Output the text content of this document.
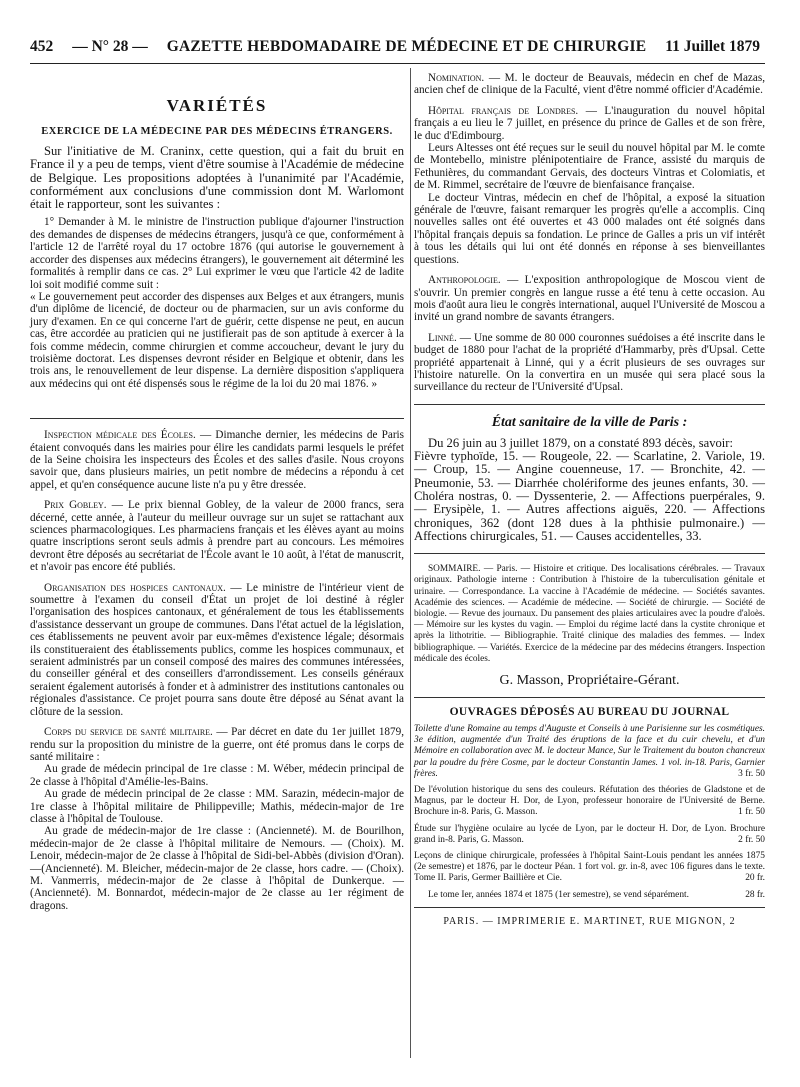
452 — N° 28 — GAZETTE HEBDOMADAIRE DE MÉDECINE ET DE CHIRURGIE 11 Juillet 1879
VARIÉTÉS
EXERCICE DE LA MÉDECINE PAR DES MÉDECINS ÉTRANGERS.

Sur l'initiative de M. Craninx, cette question, qui a fait du bruit en France il y a peu de temps, vient d'être soumise à l'Académie de médecine de Belgique. Les propositions adoptées à l'unanimité par l'Académie, conformément aux conclusions d'une commission dont M. Warlomont était le rapporteur, sont les suivantes :

1° Demander à M. le ministre de l'instruction publique d'ajourner l'instruction des demandes de dispenses de médecins étrangers, jusqu'à ce que, conformément à l'article 12 de l'arrêté royal du 17 octobre 1876 (qui autorise le gouvernement à accorder des dispenses aux médecins étrangers), le gouvernement ait déterminé les formalités à remplir dans ce cas. 2° Lui exprimer le vœu que l'article 42 de ladite loi soit modifié comme suit :

« Le gouvernement peut accorder des dispenses aux Belges et aux étrangers, munis d'un diplôme de licencié, de docteur ou de pharmacien, sur un avis conforme du jury d'examen. En ce qui concerne l'art de guérir, cette dispense ne peut, en aucun cas, être accordée au praticien qui ne justifierait pas de son aptitude à exercer à la fois comme médecin, comme chirurgien et comme accoucheur, devant le jury du troisième doctorat. Les dispenses devront résider en Belgique et obtenir, dans les trois ans, le renouvellement de leur dispense. La dernière disposition s'appliquera aux médecins qui ont été dispensés sous le régime de la loi du 20 mai 1876. »

Inspection médicale des Écoles. — Dimanche dernier, les médecins de Paris étaient convoqués dans les mairies pour élire les candidats parmi lesquels le préfet de la Seine choisira les inspecteurs des Écoles et des salles d'asile. Nous croyons savoir que, dans plusieurs mairies, un petit nombre de médecins a répondu à cet appel, et qu'en conséquence aucune liste n'a pu y être dressée.

Prix Gobley. — Le prix biennal Gobley, de la valeur de 2000 francs, sera décerné, cette année, à l'auteur du meilleur ouvrage sur un sujet se rattachant aux sciences pharmacologiques. Les pharmaciens français et les élèves ayant au moins quatre inscriptions seront seuls admis à prendre part au concours. Les mémoires devront être déposés au secrétariat de l'École avant le 10 août, à l'état de manuscrit, et n'avoir pas encore été publiés.

Organisation des hospices cantonaux. — Le ministre de l'intérieur vient de soumettre à l'examen du conseil d'État un projet de loi destiné à régler l'organisation des hospices cantonaux, et généralement de tous les établissements d'assistance desservant un groupe de communes. Dans l'état actuel de la législation, ces établissements ne peuvent avoir par eux-mêmes d'existence légale; désormais ils constitueraient des établissements publics, comme les hospices communaux, et seraient administrés par un conseil composé des maires des communes intéressées, du conseiller général et des conseillers d'arrondissement. Les conseils généraux seraient également autorisés à fonder et à administrer des institutions cantonales ou régionales d'assistance. Ce projet pourra sans doute être déposé au Sénat avant la clôture de la session.

Corps du service de santé militaire. — Par décret en date du 1er juillet 1879, rendu sur la proposition du ministre de la guerre, ont été promus dans le corps de santé militaire :

Au grade de médecin principal de 1re classe : M. Wéber, médecin principal de 2e classe à l'hôpital d'Amélie-les-Bains.

Au grade de médecin principal de 2e classe : MM. Sarazin, médecin-major de 1re classe à l'hôpital militaire de Philippeville; Mathis, médecin-major de 1re classe à l'hôpital de Toulouse.

Au grade de médecin-major de 1re classe : (Ancienneté). M. de Bourilhon, médecin-major de 2e classe à l'hôpital militaire de Nemours. — (Choix). M. Lenoir, médecin-major de 2e classe à l'hôpital de Sidi-bel-Abbès (division d'Oran).—(Ancienneté). M. Bleicher, médecin-major de 2e classe, hors cadre. — (Choix). M. Vanmerris, médecin-major de 2e classe à l'hôpital de Dunkerque. — (Ancienneté). M. Bonnardot, médecin-major de 2e classe au 1er régiment de dragons.

Nomination. — M. le docteur de Beauvais, médecin en chef de Mazas, ancien chef de clinique de la Faculté, vient d'être nommé officier d'Académie.

Hôpital français de Londres. — L'inauguration du nouvel hôpital français a eu lieu le 7 juillet, en présence du prince de Galles et de son frère, le duc d'Edimbourg.

Leurs Altesses ont été reçues sur le seuil du nouvel hôpital par M. le comte de Montebello, ministre plénipotentiaire de France, assisté du marquis de Fethunières, du commandant Gervais, des docteurs Vintras et Colomiatis, et de M. Rimmel, secrétaire de l'œuvre de bienfaisance française.

Le docteur Vintras, médecin en chef de l'hôpital, a exposé la situation générale de l'œuvre, faisant remarquer les progrès qu'elle a accomplis. Cinq nouvelles salles ont été ouvertes et 43 000 malades ont été soignés dans l'hôpital français depuis sa fondation. Le prince de Galles a pris un vif intérêt à tous les détails qui lui ont été donnés en réponse à ses bienveillantes questions.

Anthropologie. — L'exposition anthropologique de Moscou vient de s'ouvrir. Un premier congrès en langue russe a été tenu à cette occasion. Au mois d'août aura lieu le congrès international, auquel l'Université de Moscou a invité un grand nombre de savants étrangers.

Linné. — Une somme de 80 000 couronnes suédoises a été inscrite dans le budget de 1880 pour l'achat de la propriété d'Hammarby, près d'Upsal. Cette propriété appartenait à Linné, qui y a écrit plusieurs de ses ouvrages sur l'histoire naturelle. On la convertira en un musée qui sera placé sous la surveillance du recteur de l'Université d'Upsal.

État sanitaire de la ville de Paris :

Du 26 juin au 3 juillet 1879, on a constaté 893 décès, savoir:

Fièvre typhoïde, 15. — Rougeole, 22. — Scarlatine, 2. Variole, 19. — Croup, 15. — Angine couenneuse, 17. — Bronchite, 42. — Pneumonie, 53. — Diarrhée cholériforme des jeunes enfants, 30. — Choléra nostras, 0. — Dyssenterie, 2. — Affections puerpérales, 9. — Erysipèle, 1. — Autres affections aiguës, 220. — Affections chroniques, 362 (dont 128 dues à la phthisie pulmonaire.) — Affections chirurgicales, 51. — Causes accidentelles, 33.

SOMMAIRE. — Paris. — Histoire et critique. Des localisations cérébrales. — Travaux originaux. Pathologie interne : Contribution à l'histoire de la tuberculisation génitale et urinaire. — Correspondance. La vaccine à l'Académie de médecine. — Sociétés savantes. Académie des sciences. — Académie de médecine. — Société de chirurgie. — Société de biologie. — Revue des journaux. Du pansement des plaies articulaires avec la poudre d'aloès. — Mémoire sur les kystes du vagin. — Emploi du régime lacté dans la cystite chronique et après la lithotritie. — Bibliographie. Traité clinique des maladies des femmes. — Index bibliographique. — Variétés. Exercice de la médecine par des médecins étrangers. Inspection médicale des écoles.

G. Masson, Propriétaire-Gérant.
OUVRAGES DÉPOSÉS AU BUREAU DU JOURNAL

Toilette d'une Romaine au temps d'Auguste et Conseils à une Parisienne sur les cosmétiques. 3e édition, augmentée d'un Traité des éruptions de la face et du cuir chevelu, et d'un Mémoire en collaboration avec M. le docteur Mance, Sur le Traitement du bouton chancreux par la poudre du frère Cosme, par le docteur Constantin James. 1 vol. in-18. Paris, Garnier frères.	3 fr. 50

De l'évolution historique du sens des couleurs. Réfutation des théories de Gladstone et de Magnus, par le docteur H. Dor, de Lyon, professeur honoraire de l'Université de Berne. Brochure in-8. Paris, G. Masson.	1 fr. 50

Étude sur l'hygiène oculaire au lycée de Lyon, par le docteur H. Dor, de Lyon. Brochure grand in-8. Paris, G. Masson.	2 fr. 50

Leçons de clinique chirurgicale, professées à l'hôpital Saint-Louis pendant les années 1875 (2e semestre) et 1876, par le docteur Péan. 1 fort vol. gr. in-8, avec 106 figures dans le texte. Tome II. Paris, Germer Baillière et Cie.	20 fr.

Le tome Ier, années 1874 et 1875 (1er semestre), se vend séparément.	28 fr.

PARIS. — IMPRIMERIE E. MARTINET, RUE MIGNON, 2
